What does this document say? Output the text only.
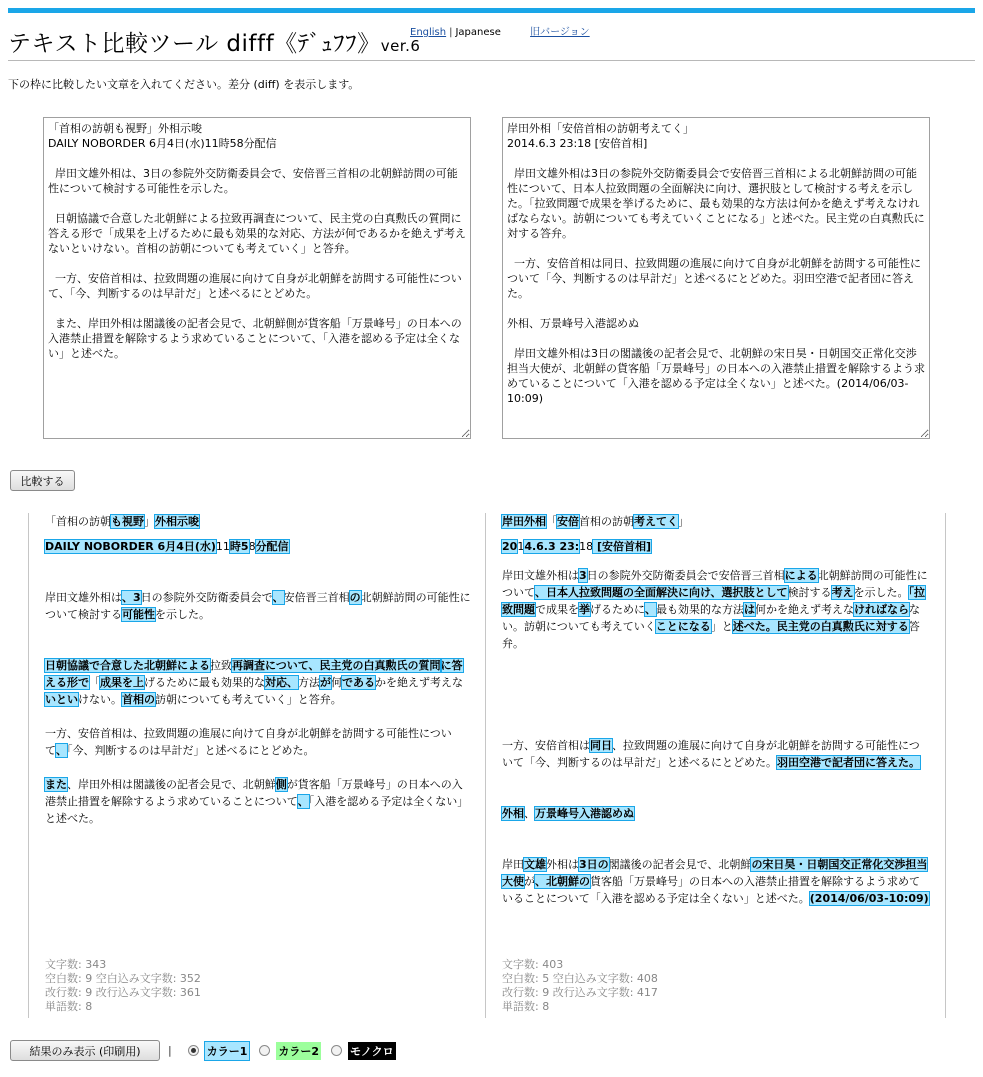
テキスト比較ツール difff《ﾃﾞｭﾌﾌ》ver.6
English | Japanese	旧バージョン
下の枠に比較したい文章を入れてください。差分 (diff) を表示します。
「首相の訪朝も視野」外相示唆 DAILY NOBORDER 6月4日(水)11時58分配信 岸田文雄外相は、3日の参院外交防衛委員会で、安倍晋三首相の北朝鮮訪問の可能性について検討する可能性を示した。 日朝協議で合意した北朝鮮による拉致再調査について、民主党の白真勲氏の質問に答える形で「成果を上げるために最も効果的な対応、方法が何であるかを絶えず考えないといけない。首相の訪朝についても考えていく」と答弁。 一方、安倍首相は、拉致問題の進展に向けて自身が北朝鮮を訪問する可能性について、「今、判断するのは早計だ」と述べるにとどめた。 また、岸田外相は閣議後の記者会見で、北朝鮮側が貨客船「万景峰号」の日本への入港禁止措置を解除するよう求めていることについて、「入港を認める予定は全くない」と述べた。
岸田外相「安倍首相の訪朝考えてく」 2014.6.3 23:18 [安倍首相] 岸田文雄外相は3日の参院外交防衛委員会で安倍晋三首相による北朝鮮訪問の可能性について、日本人拉致問題の全面解決に向け、選択肢として検討する考えを示した。「拉致問題で成果を挙げるために、最も効果的な方法は何かを絶えず考えなければならない。訪朝についても考えていくことになる」と述べた。民主党の白真勲氏に対する答弁。 一方、安倍首相は同日、拉致問題の進展に向けて自身が北朝鮮を訪問する可能性について「今、判断するのは早計だ」と述べるにとどめた。羽田空港で記者団に答えた。 外相、万景峰号入港認めぬ 岸田文雄外相は3日の閣議後の記者会見で、北朝鮮の宋日昊・日朝国交正常化交渉担当大使が、北朝鮮の貨客船「万景峰号」の日本への入港禁止措置を解除するよう求めていることについて「入港を認める予定は全くない」と述べた。(2014/06/03-10:09)
比較する

「首相の訪朝も視野」外相示唆

DAILY NOBORDER 6月4日(水)11時58分配信

岸田文雄外相は、3日の参院外交防衛委員会で、安倍晋三首相の北朝鮮訪問の可能性について検討する可能性を示した。

日朝協議で合意した北朝鮮による拉致再調査について、民主党の白真勲氏の質問に答える形で「成果を上げるために最も効果的な対応、方法が何であるかを絶えず考えないといけない。首相の訪朝についても考えていく」と答弁。

一方、安倍首相は、拉致問題の進展に向けて自身が北朝鮮を訪問する可能性について、「今、判断するのは早計だ」と述べるにとどめた。

また、岸田外相は閣議後の記者会見で、北朝鮮側が貨客船「万景峰号」の日本への入港禁止措置を解除するよう求めていることについて、「入港を認める予定は全くない」と述べた。

文字数: 343
空白数: 9 空白込み文字数: 352
改行数: 9 改行込み文字数: 361
単語数: 8

岸田外相「安倍首相の訪朝考えてく」

2014.6.3 23:18 [安倍首相]

岸田文雄外相は3日の参院外交防衛委員会で安倍晋三首相による北朝鮮訪問の可能性について、日本人拉致問題の全面解決に向け、選択肢として検討する考えを示した。「拉致問題で成果を挙げるために、最も効果的な方法は何かを絶えず考えなければならない。訪朝についても考えていくことになる」と述べた。民主党の白真勲氏に対する答弁。

一方、安倍首相は同日、拉致問題の進展に向けて自身が北朝鮮を訪問する可能性について「今、判断するのは早計だ」と述べるにとどめた。羽田空港で記者団に答えた。

外相、万景峰号入港認めぬ

岸田文雄外相は3日の閣議後の記者会見で、北朝鮮の宋日昊・日朝国交正常化交渉担当大使が、北朝鮮の貨客船「万景峰号」の日本への入港禁止措置を解除するよう求めていることについて「入港を認める予定は全くない」と述べた。(2014/06/03-10:09)

文字数: 403
空白数: 5 空白込み文字数: 408
改行数: 9 改行込み文字数: 417
単語数: 8
結果のみ表示 (印刷用)	|	カラー1	カラー2	モノクロ
